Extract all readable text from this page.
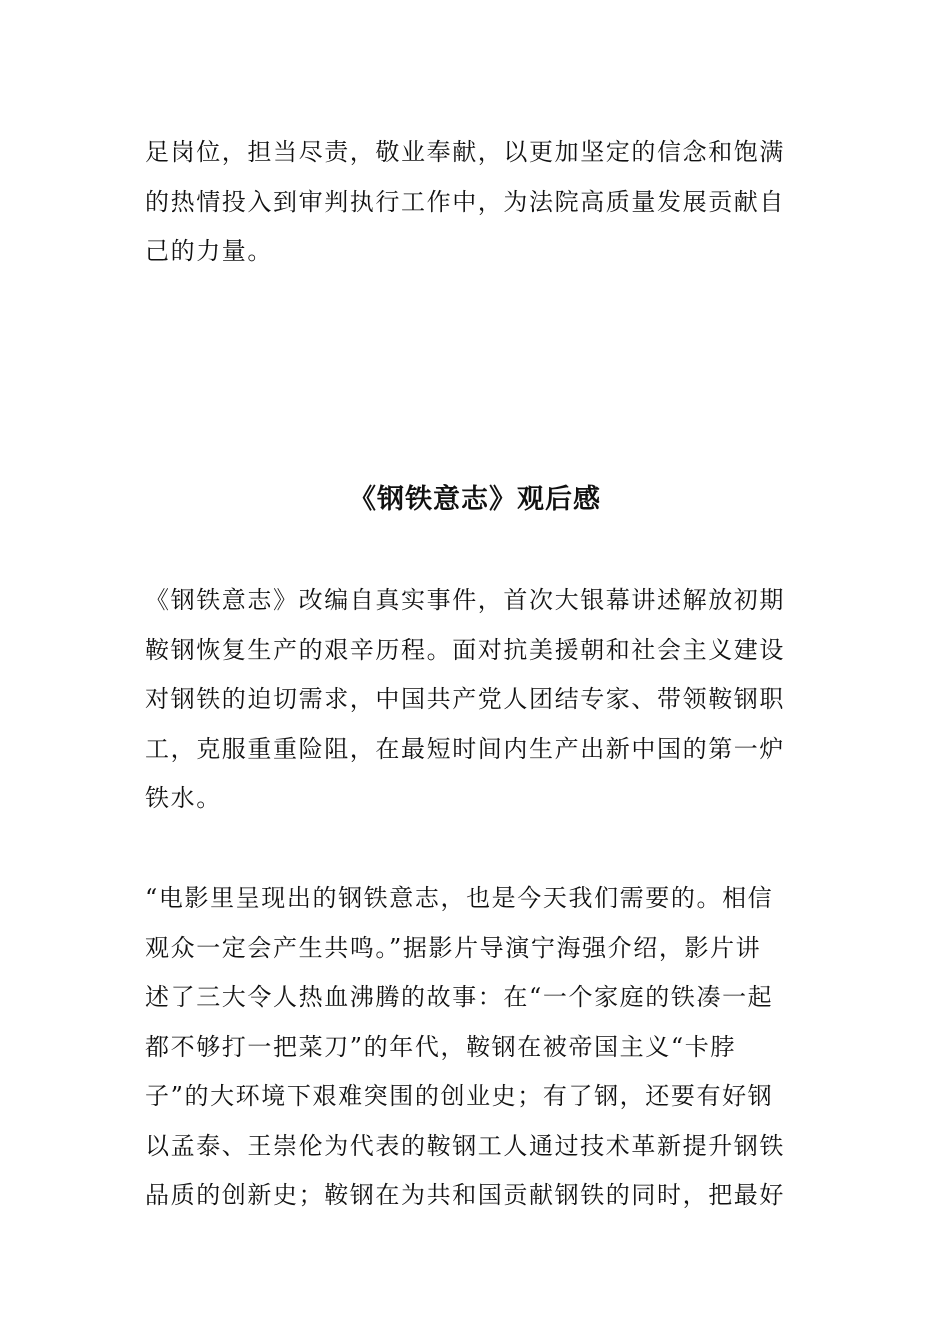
足岗位，担当尽责，敬业奉献，以更加坚定的信念和饱满
的热情投入到审判执行工作中，为法院高质量发展贡献自
己的力量。

《钢铁意志》观后感

《钢铁意志》改编自真实事件，首次大银幕讲述解放初期
鞍钢恢复生产的艰辛历程。面对抗美援朝和社会主义建设
对钢铁的迫切需求，中国共产党人团结专家、带领鞍钢职
工，克服重重险阻，在最短时间内生产出新中国的第一炉
铁水。

“电影里呈现出的钢铁意志，也是今天我们需要的。相信
观众一定会产生共鸣。”据影片导演宁海强介绍，影片讲
述了三大令人热血沸腾的故事：在“一个家庭的铁凑一起
都不够打一把菜刀”的年代，鞍钢在被帝国主义“卡脖
子”的大环境下艰难突围的创业史；有了钢，还要有好钢
以孟泰、王崇伦为代表的鞍钢工人通过技术革新提升钢铁
品质的创新史；鞍钢在为共和国贡献钢铁的同时，把最好
